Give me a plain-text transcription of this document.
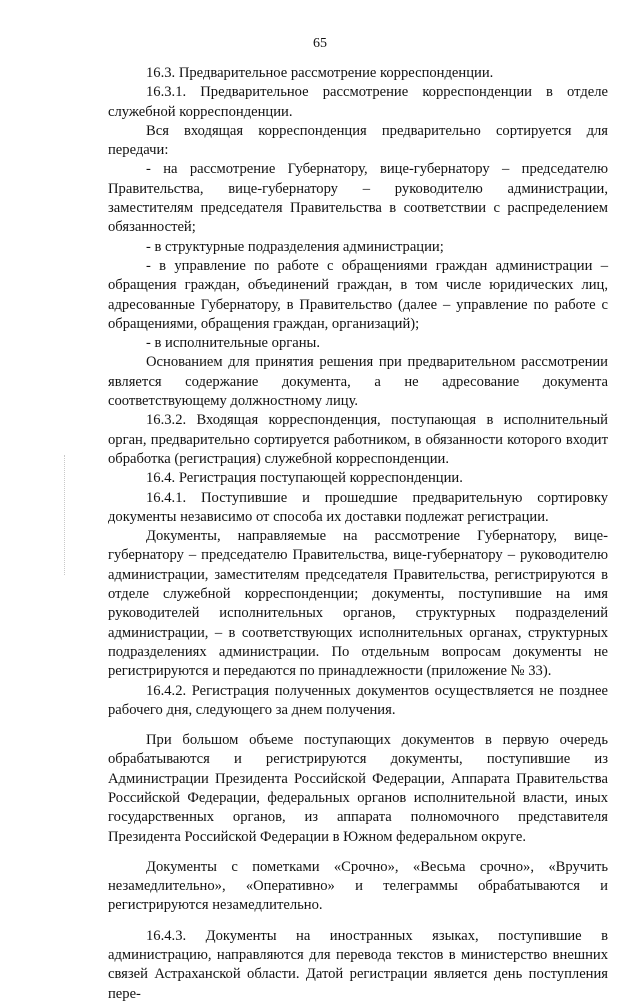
65

16.3. Предварительное рассмотрение корреспонденции.

16.3.1. Предварительное рассмотрение корреспонденции в отделе служебной корреспонденции.

Вся входящая корреспонденция предварительно сортируется для передачи:

- на рассмотрение Губернатору, вице-губернатору – председателю Правительства, вице-губернатору – руководителю администрации, заместителям председателя Правительства в соответствии с распределением обязанностей;

- в структурные подразделения администрации;

- в управление по работе с обращениями граждан администрации – обращения граждан, объединений граждан, в том числе юридических лиц, адресованные Губернатору, в Правительство (далее – управление по работе с обращениями, обращения граждан, организаций);

- в исполнительные органы.

Основанием для принятия решения при предварительном рассмотрении является содержание документа, а не адресование документа соответствующему должностному лицу.

16.3.2. Входящая корреспонденция, поступающая в исполнительный орган, предварительно сортируется работником, в обязанности которого входит обработка (регистрация) служебной корреспонденции.

16.4. Регистрация поступающей корреспонденции.

16.4.1. Поступившие и прошедшие предварительную сортировку документы независимо от способа их доставки подлежат регистрации.

Документы, направляемые на рассмотрение Губернатору, вице-губернатору – председателю Правительства, вице-губернатору – руководителю администрации, заместителям председателя Правительства, регистрируются в отделе служебной корреспонденции; документы, поступившие на имя руководителей исполнительных органов, структурных подразделений администрации, – в соответствующих исполнительных органах, структурных подразделениях администрации. По отдельным вопросам документы не регистрируются и передаются по принадлежности (приложение № 33).

16.4.2. Регистрация полученных документов осуществляется не позднее рабочего дня, следующего за днем получения.

При большом объеме поступающих документов в первую очередь обрабатываются и регистрируются документы, поступившие из Администрации Президента Российской Федерации, Аппарата Правительства Российской Федерации, федеральных органов исполнительной власти, иных государственных органов, из аппарата полномочного представителя Президента Российской Федерации в Южном федеральном округе.

Документы с пометками «Срочно», «Весьма срочно», «Вручить незамедлительно», «Оперативно» и телеграммы обрабатываются и регистрируются незамедлительно.

16.4.3. Документы на иностранных языках, поступившие в администрацию, направляются для перевода текстов в министерство внешних связей Астраханской области. Датой регистрации является день поступления пере-
